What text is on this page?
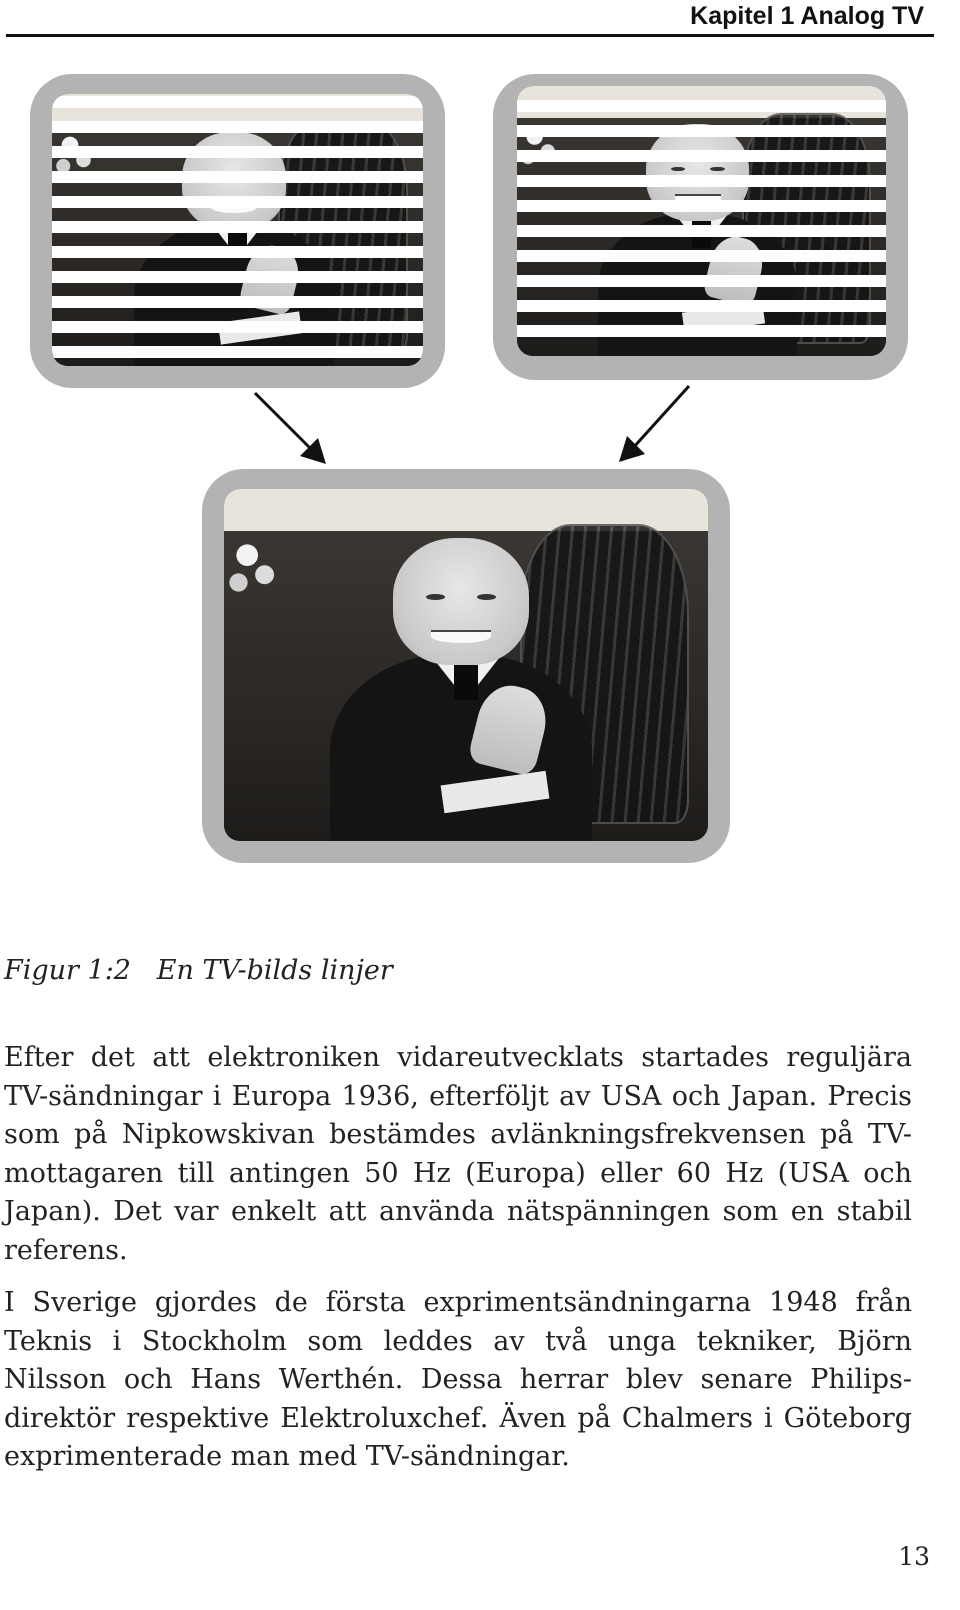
Kapitel 1 Analog TV
Figur 1:2   En TV-bilds linjer

Efter det att elektroniken vidareutvecklats startades reguljära TV-sändningar i Europa 1936, efterföljt av USA och Japan. Precis som på Nipkowskivan bestämdes avlänkningsfrekvensen på TV-mottagaren till antingen 50 Hz (Europa) eller 60 Hz (USA och Japan). Det var enkelt att använda nätspänningen som en stabil referens.

I Sverige gjordes de första exprimentsändningarna 1948 från Teknis i Stockholm som leddes av två unga tekniker, Björn Nilsson och Hans Werthén. Dessa herrar blev senare Philips-direktör respektive Elektroluxchef. Även på Chalmers i Göteborg exprimenterade man med TV-sändningar.

13
